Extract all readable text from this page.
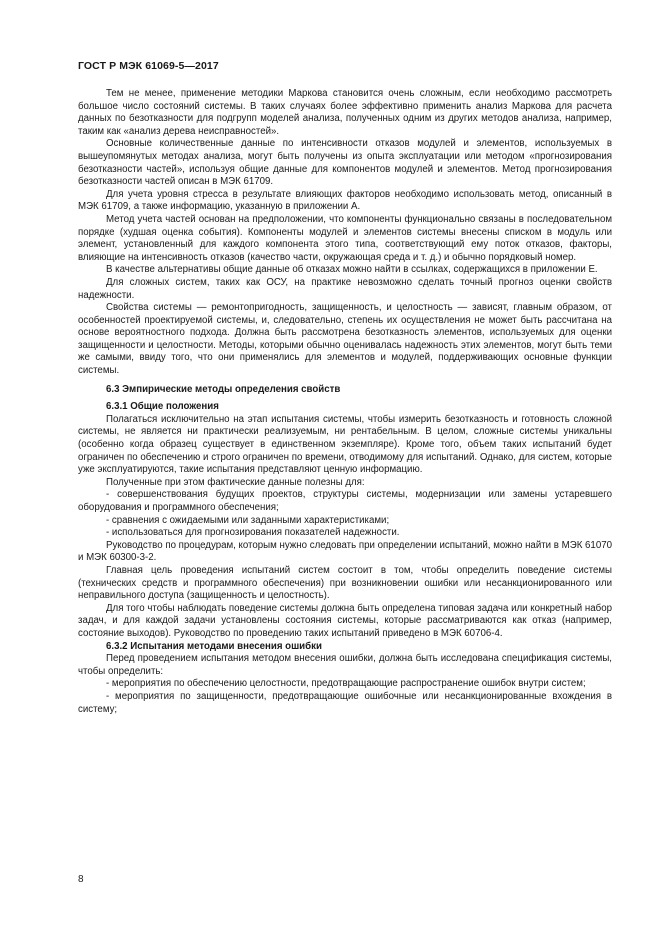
ГОСТ Р МЭК 61069-5—2017

Тем не менее, применение методики Маркова становится очень сложным, если необходимо рассмотреть большое число состояний системы. В таких случаях более эффективно применить анализ Маркова для расчета данных по безотказности для подгрупп моделей анализа, полученных одним из других методов анализа, например, таким как «анализ дерева неисправностей».

Основные количественные данные по интенсивности отказов модулей и элементов, используемых в вышеупомянутых методах анализа, могут быть получены из опыта эксплуатации или методом «прогнозирования безотказности частей», используя общие данные для компонентов модулей и элементов. Метод прогнозирования безотказности частей описан в МЭК 61709.

Для учета уровня стресса в результате влияющих факторов необходимо использовать метод, описанный в МЭК 61709, а также информацию, указанную в приложении А.

Метод учета частей основан на предположении, что компоненты функционально связаны в последовательном порядке (худшая оценка события). Компоненты модулей и элементов системы внесены списком в модуль или элемент, установленный для каждого компонента этого типа, соответствующий ему поток отказов, факторы, влияющие на интенсивность отказов (качество части, окружающая среда и т. д.) и обычно порядковый номер.

В качестве альтернативы общие данные об отказах можно найти в ссылках, содержащихся в приложении Е.

Для сложных систем, таких как ОСУ, на практике невозможно сделать точный прогноз оценки свойств надежности.

Свойства системы — ремонтопригодность, защищенность, и целостность — зависят, главным образом, от особенностей проектируемой системы, и, следовательно, степень их осуществления не может быть рассчитана на основе вероятностного подхода. Должна быть рассмотрена безотказность элементов, используемых для оценки защищенности и целостности. Методы, которыми обычно оценивалась надежность этих элементов, могут быть теми же самыми, ввиду того, что они применялись для элементов и модулей, поддерживающих основные функции системы.

6.3 Эмпирические методы определения свойств
6.3.1 Общие положения

Полагаться исключительно на этап испытания системы, чтобы измерить безотказность и готовность сложной системы, не является ни практически реализуемым, ни рентабельным. В целом, сложные системы уникальны (особенно когда образец существует в единственном экземпляре). Кроме того, объем таких испытаний будет ограничен по обеспечению и строго ограничен по времени, отводимому для испытаний. Однако, для систем, которые уже эксплуатируются, такие испытания представляют ценную информацию.

Полученные при этом фактические данные полезны для:

- совершенствования будущих проектов, структуры системы, модернизации или замены устаревшего оборудования и программного обеспечения;

- сравнения с ожидаемыми или заданными характеристиками;

- использоваться для прогнозирования показателей надежности.

Руководство по процедурам, которым нужно следовать при определении испытаний, можно найти в МЭК 61070 и МЭК 60300-3-2.

Главная цель проведения испытаний систем состоит в том, чтобы определить поведение системы (технических средств и программного обеспечения) при возникновении ошибки или несанкционированного или неправильного доступа (защищенность и целостность).

Для того чтобы наблюдать поведение системы должна быть определена типовая задача или конкретный набор задач, и для каждой задачи установлены состояния системы, которые рассматриваются как отказ (например, состояние выходов). Руководство по проведению таких испытаний приведено в МЭК 60706-4.

6.3.2 Испытания методами внесения ошибки

Перед проведением испытания методом внесения ошибки, должна быть исследована спецификация системы, чтобы определить:

- мероприятия по обеспечению целостности, предотвращающие распространение ошибок внутри систем;

- мероприятия по защищенности, предотвращающие ошибочные или несанкционированные вхождения в систему;

8
